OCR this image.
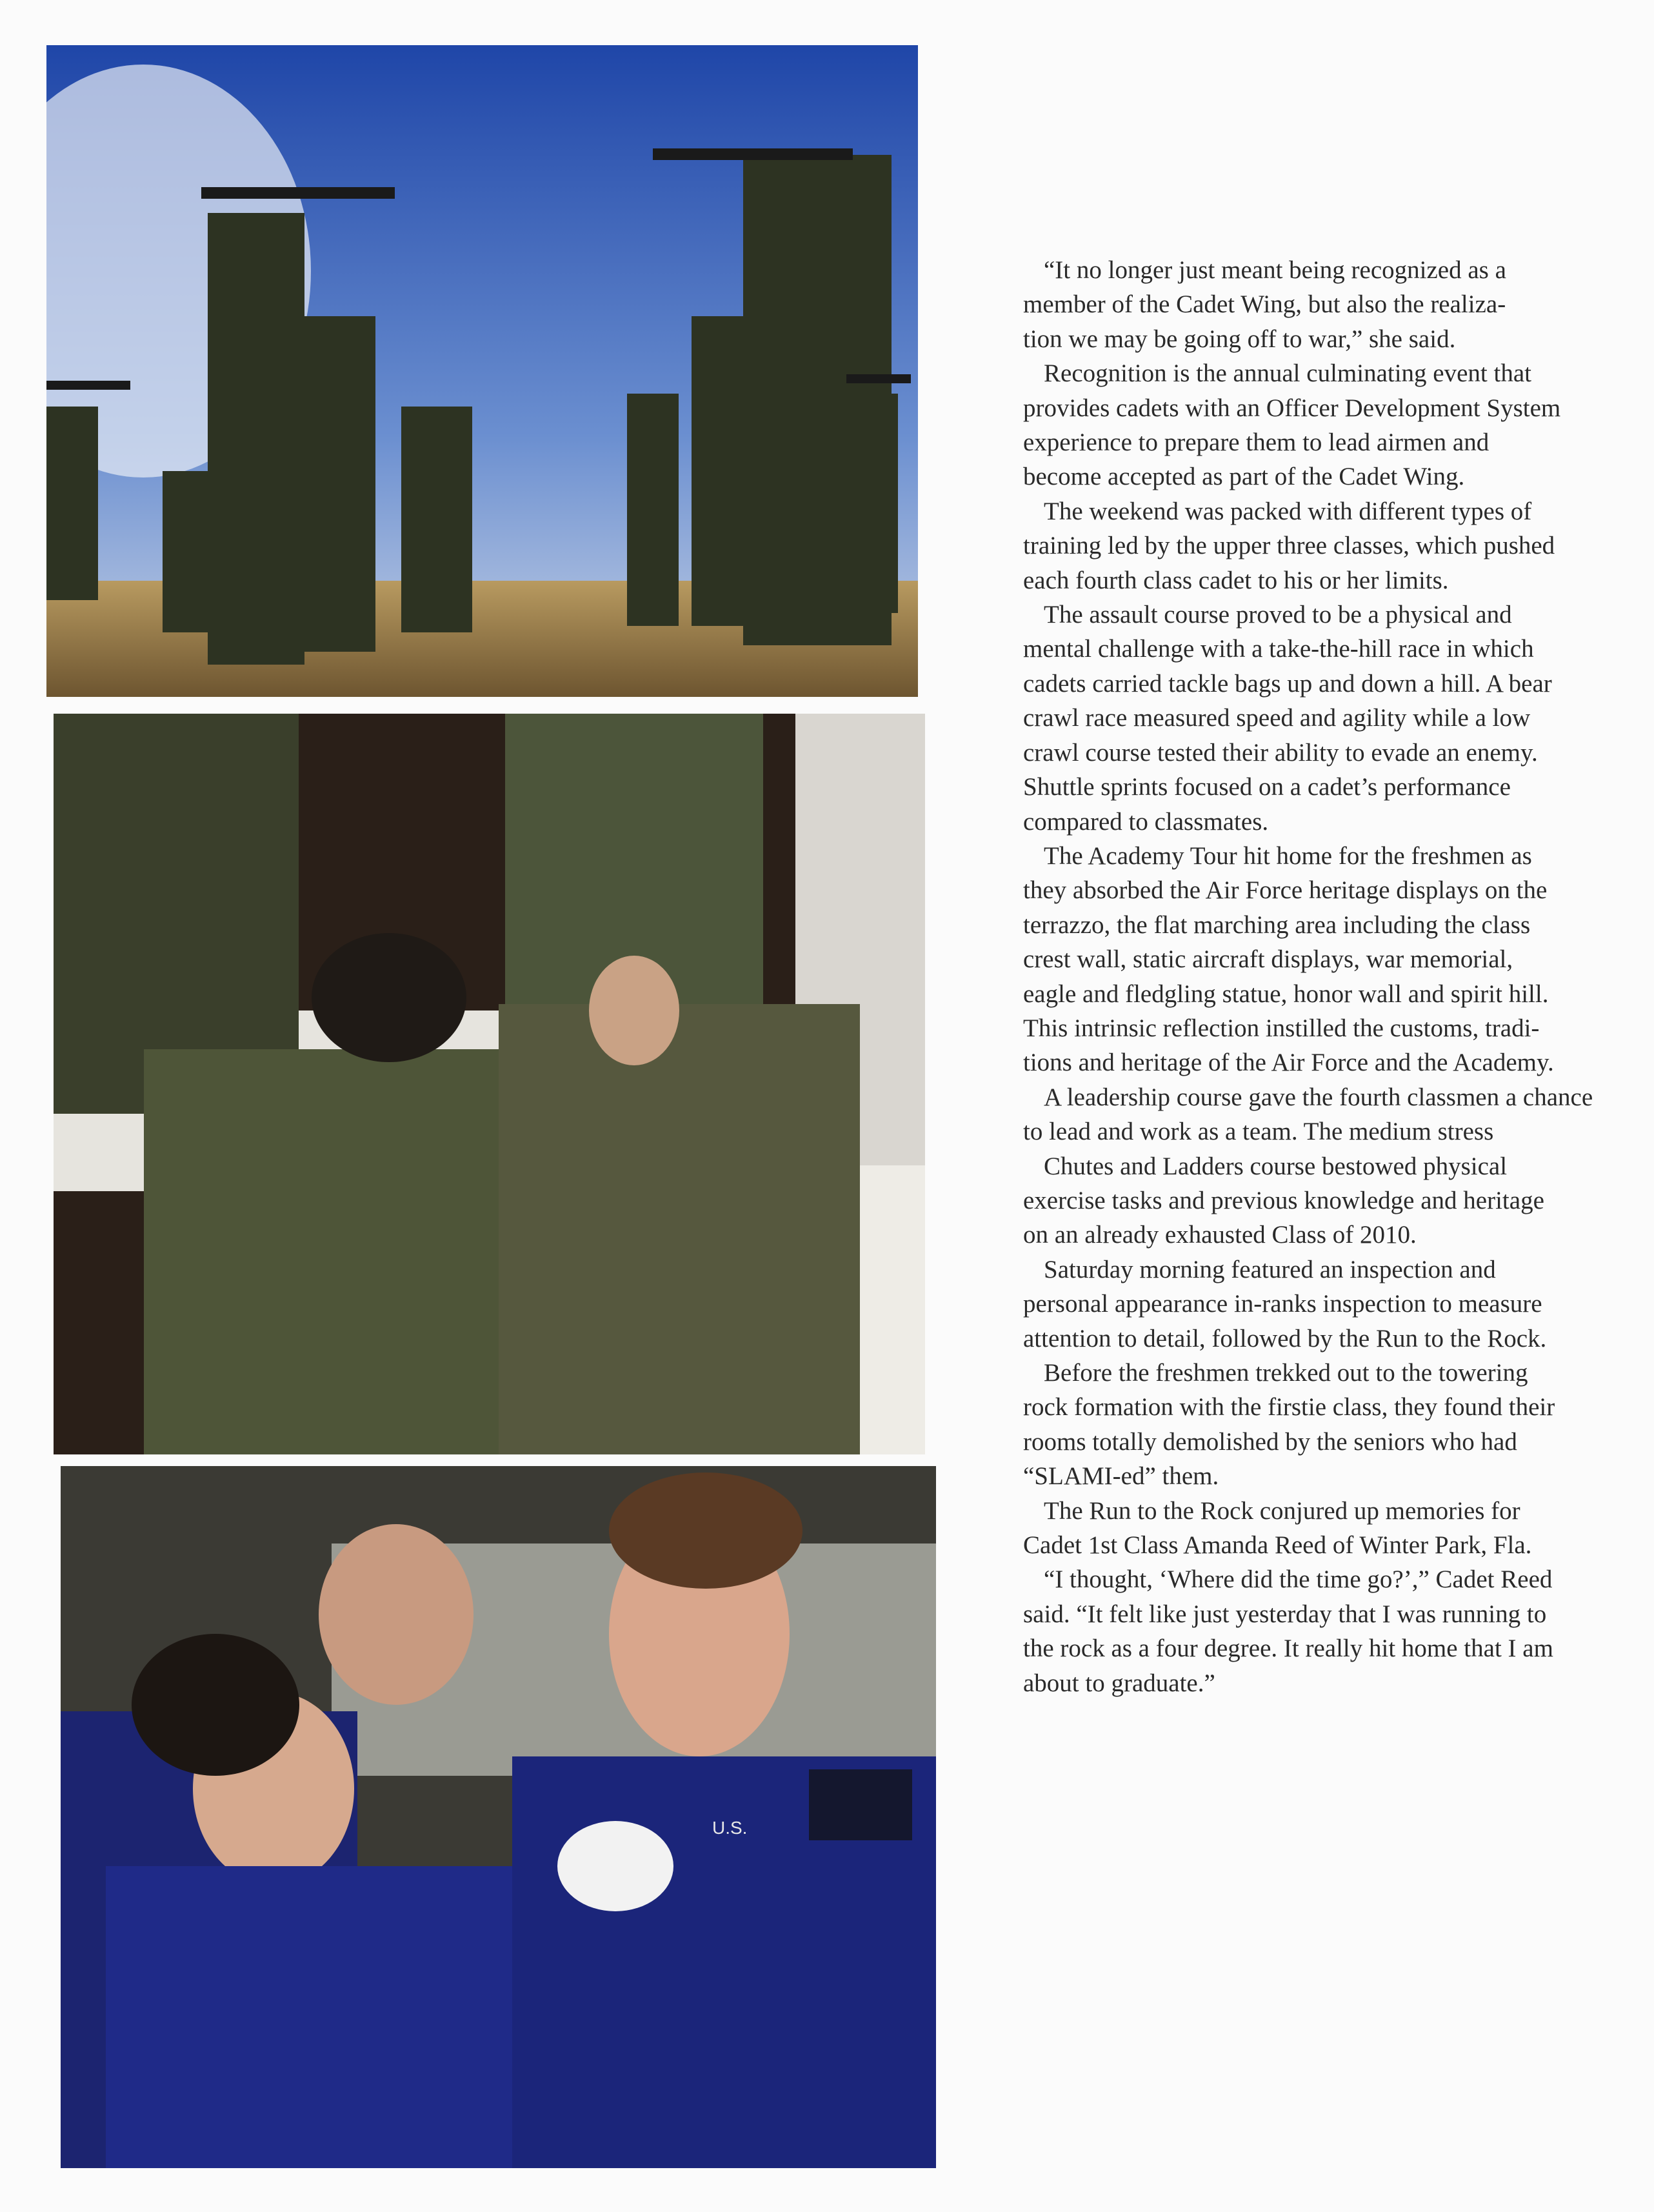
U.S.
“It no longer just meant being recognized as a
member of the Cadet Wing, but also the realiza-
tion we may be going off to war,” she said.
Recognition is the annual culminating event that
provides cadets with an Officer Development System
experience to prepare them to lead airmen and
become accepted as part of the Cadet Wing.
The weekend was packed with different types of
training led by the upper three classes, which pushed
each fourth class cadet to his or her limits.
The assault course proved to be a physical and
mental challenge with a take-the-hill race in which
cadets carried tackle bags up and down a hill. A bear
crawl race measured speed and agility while a low
crawl course tested their ability to evade an enemy.
Shuttle sprints focused on a cadet’s performance
compared to classmates.
The Academy Tour hit home for the freshmen as
they absorbed the Air Force heritage displays on the
terrazzo, the flat marching area including the class
crest wall, static aircraft displays, war memorial,
eagle and fledgling statue, honor wall and spirit hill.
This intrinsic reflection instilled the customs, tradi-
tions and heritage of the Air Force and the Academy.
A leadership course gave the fourth classmen a chance
to lead and work as a team. The medium stress
Chutes and Ladders course bestowed physical
exercise tasks and previous knowledge and heritage
on an already exhausted Class of 2010.
Saturday morning featured an inspection and
personal appearance in-ranks inspection to measure
attention to detail, followed by the Run to the Rock.
Before the freshmen trekked out to the towering
rock formation with the firstie class, they found their
rooms totally demolished by the seniors who had
“SLAMI-ed” them.
The Run to the Rock conjured up memories for
Cadet 1st Class Amanda Reed of Winter Park, Fla.
“I thought, ‘Where did the time go?’,” Cadet Reed
said. “It felt like just yesterday that I was running to
the rock as a four degree. It really hit home that I am
about to graduate.”
